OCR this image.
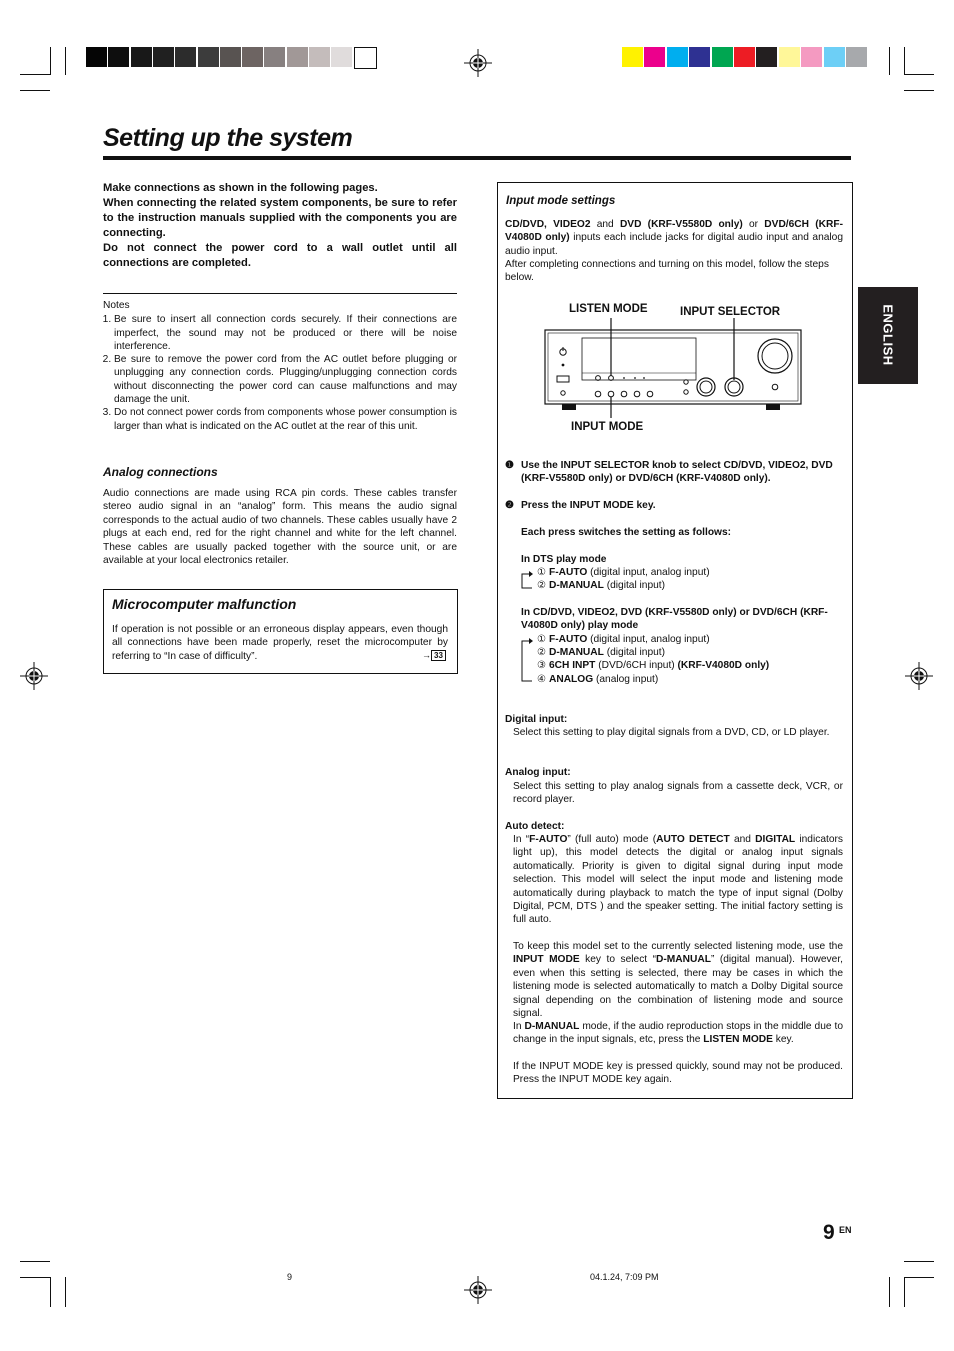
Setting up the system

Make connections as shown in the following pages.

When connecting the related system components, be sure to refer to the instruction manuals supplied with the components you are connecting.

Do not connect the power cord to a wall outlet until all connections are completed.

Notes
1. Be sure to insert all connection cords securely. If their connections are imperfect, the sound may not be produced or there will be noise interference.
2. Be sure to remove the power cord from the AC outlet before plugging or unplugging any connection cords. Plugging/unplugging connection cords without disconnecting the power cord can cause malfunctions and may damage the unit.
3. Do not connect power cords from components whose power consumption is larger than what is indicated on the AC outlet at the rear of this unit.
Analog connections
Audio connections are made using RCA pin cords. These cables transfer stereo audio signal in an “analog” form. This means the audio signal corresponds to the actual audio of two channels. These cables usually have 2 plugs at each end, red for the right channel and white for the left channel. These cables are usually packed together with the source unit, or are available at your local electronics retailer.
Microcomputer malfunction
If operation is not possible or an erroneous display appears, even though all connections have been made properly, reset the microcomputer by referring to “In case of difficulty”.	→ 33
Input mode settings
CD/DVD, VIDEO2 and DVD (KRF-V5580D only) or DVD/6CH (KRF-V4080D only) inputs each include jacks for digital audio input and analog audio input.
After completing connections and turning on this model, follow the steps below.
LISTEN MODE	INPUT SELECTOR
INPUT MODE
❶ Use the INPUT SELECTOR knob to select CD/DVD, VIDEO2, DVD (KRF-V5580D only) or DVD/6CH (KRF-V4080D only).
❷ Press the INPUT MODE key.
Each press switches the setting as follows:
In DTS play mode
① F-AUTO (digital input, analog input)
② D-MANUAL (digital input)
In CD/DVD, VIDEO2, DVD (KRF-V5580D only) or DVD/6CH (KRF-V4080D only) play mode
① F-AUTO (digital input, analog input)
② D-MANUAL (digital input)
③ 6CH INPT (DVD/6CH input) (KRF-V4080D only)
④ ANALOG (analog input)
Digital input:
Select this setting to play digital signals from a DVD, CD, or LD player.
Analog input:
Select this setting to play analog signals from a cassette deck, VCR, or record player.
Auto detect:
In “F-AUTO” (full auto) mode (AUTO DETECT and DIGITAL indicators light up), this model detects the digital or analog input signals automatically. Priority is given to digital signal during input mode selection. This model will select the input mode and listening mode automatically during playback to match the type of input signal (Dolby Digital, PCM, DTS ) and the speaker setting. The initial factory setting is full auto.
To keep this model set to the currently selected listening mode, use the INPUT MODE key to select “D-MANUAL” (digital manual). However, even when this setting is selected, there may be cases in which the listening mode is selected automatically to match a Dolby Digital source signal depending on the combination of listening mode and source signal.
In D-MANUAL mode, if the audio reproduction stops in the middle due to change in the input signals, etc, press the LISTEN MODE key.
If the INPUT MODE key is pressed quickly, sound may not be produced. Press the INPUT MODE key again.
ENGLISH
9 EN
9	04.1.24, 7:09 PM
